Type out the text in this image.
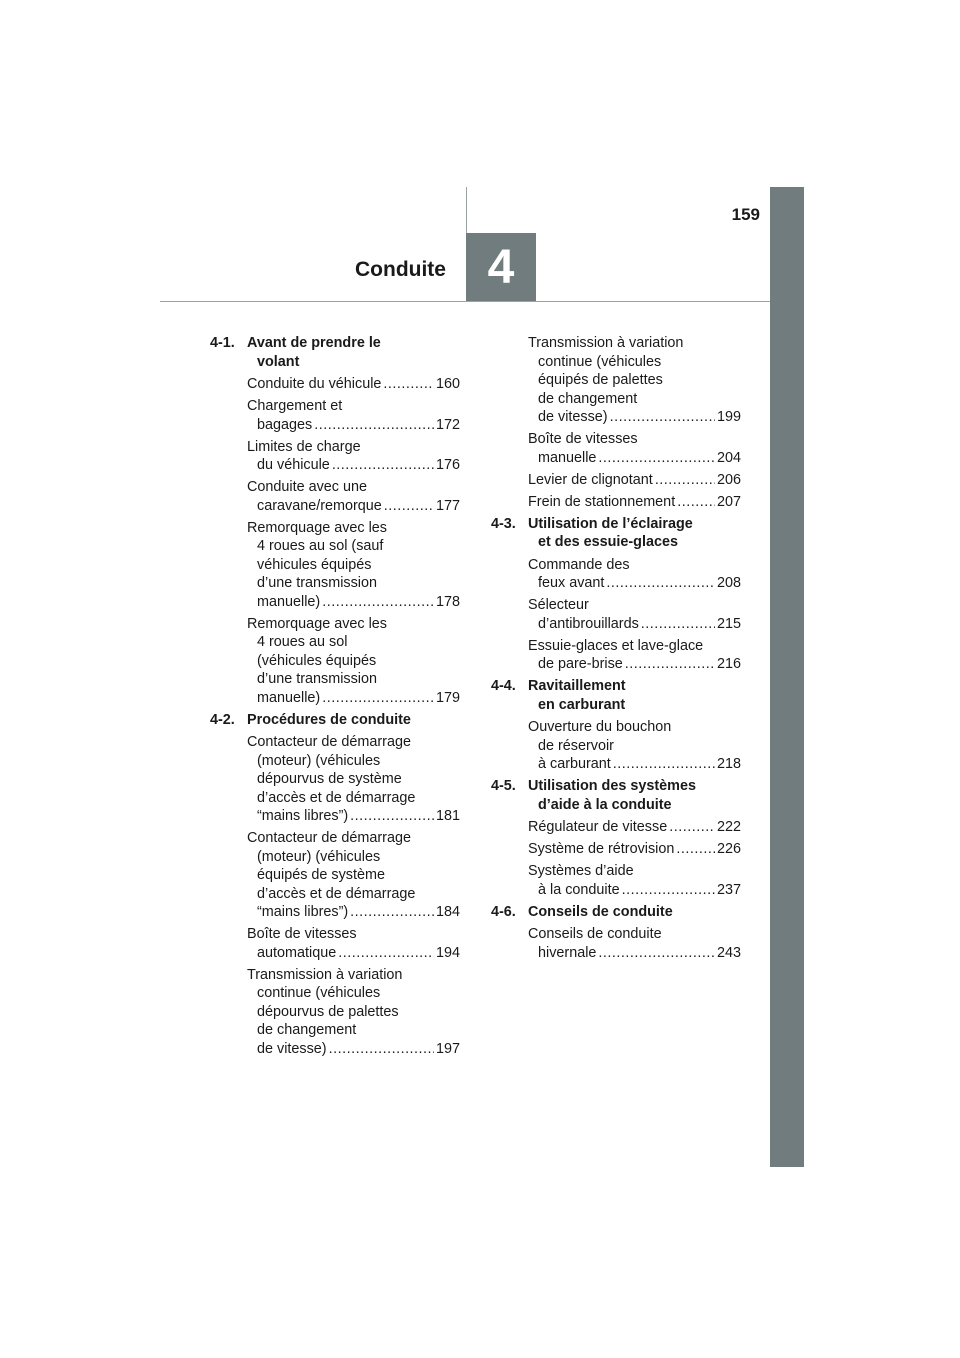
4
Conduite
159
4-1. Avant de prendre le
volant
Conduite du véhicule .....	160
Chargement et
bagages .....	172
Limites de charge
du véhicule .....	176
Conduite avec une
caravane/remorque .....	177
Remorquage avec les
4 roues au sol (sauf
véhicules équipés
d’une transmission
manuelle) .....	178
Remorquage avec les
4 roues au sol
(véhicules équipés
d’une transmission
manuelle) .....	179
4-2. Procédures de conduite
Contacteur de démarrage
(moteur) (véhicules
dépourvus de système
d’accès et de démarrage
“mains libres”) .....	181
Contacteur de démarrage
(moteur) (véhicules
équipés de système
d’accès et de démarrage
“mains libres”) .....	184
Boîte de vitesses
automatique .....	194
Transmission à variation
continue (véhicules
dépourvus de palettes
de changement
de vitesse) .....	197
Transmission à variation
continue (véhicules
équipés de palettes
de changement
de vitesse) .....	199
Boîte de vitesses
manuelle .....	204
Levier de clignotant .....	206
Frein de stationnement .....	207
4-3. Utilisation de l’éclairage
et des essuie-glaces
Commande des
feux avant .....	208
Sélecteur
d’antibrouillards .....	215
Essuie-glaces et lave-glace
de pare-brise .....	216
4-4. Ravitaillement
en carburant
Ouverture du bouchon
de réservoir
à carburant .....	218
4-5. Utilisation des systèmes
d’aide à la conduite
Régulateur de vitesse .....	222
Système de rétrovision .....	226
Systèmes d’aide
à la conduite .....	237
4-6. Conseils de conduite
Conseils de conduite
hivernale .....	243
